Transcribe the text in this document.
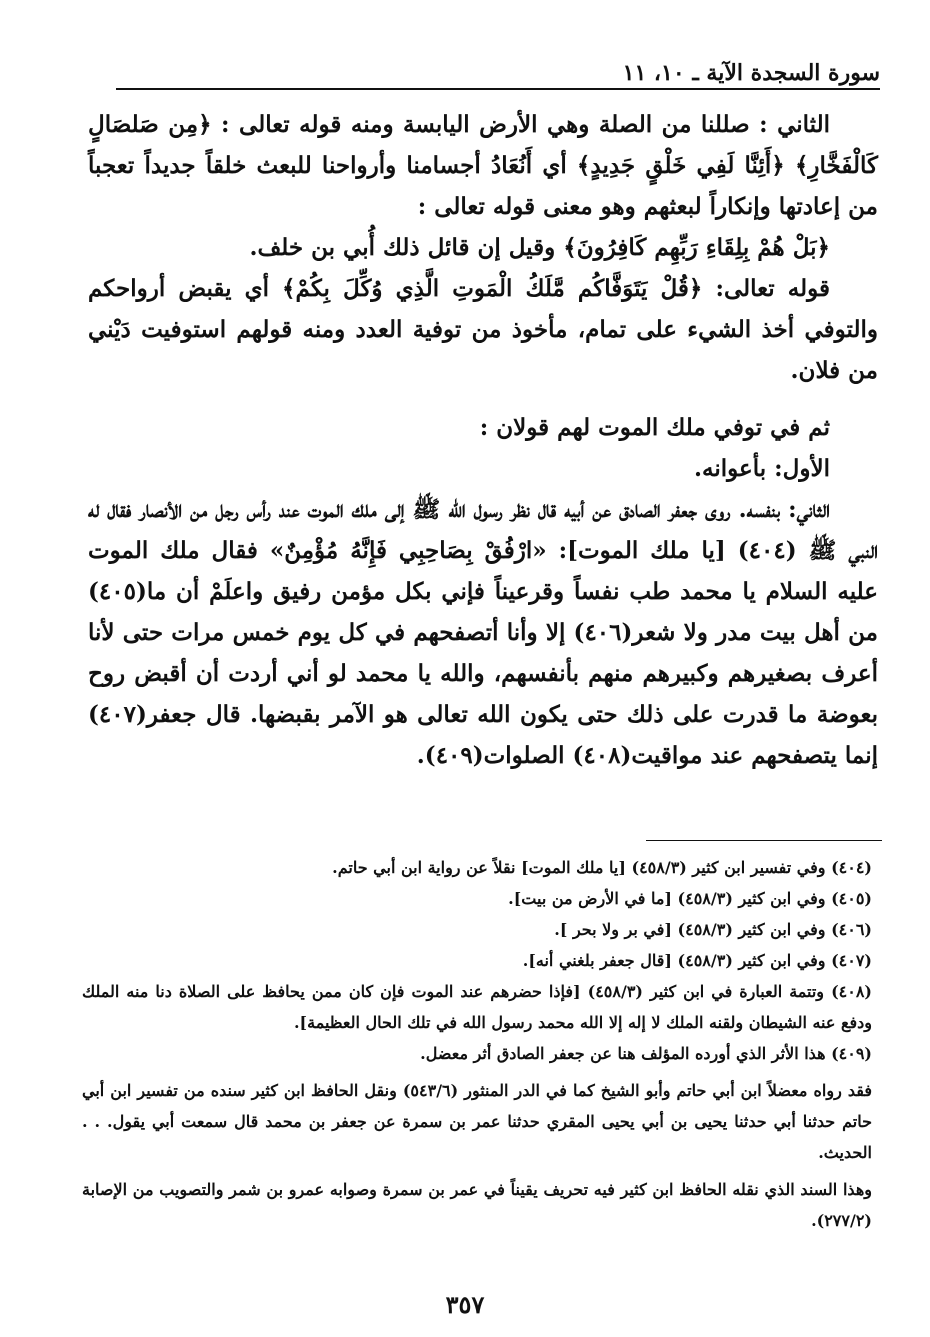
سورة السجدة الآية ـ ١٠، ١١

الثاني : صللنا من الصلة وهي الأرض اليابسة ومنه قوله تعالى : ﴿مِن صَلصَالٍ كَالْفَخَّارِ﴾ ﴿أَئِنَّا لَفِي خَلْقٍ جَدِيدٍ﴾ أي أَنُعَادُ أجسامنا وأرواحنا للبعث خلقاً جديداً تعجباً من إعادتها وإنكاراً لبعثهم وهو معنى قوله تعالى :

﴿بَلْ هُمْ بِلِقَاءِ رَبِّهِم كَافِرُونَ﴾ وقيل إن قائل ذلك أُبي بن خلف.

قوله تعالى: ﴿قُلْ يَتَوَفَّاكُم مَّلَكُ الْمَوتِ الَّذِي وُكِّلَ بِكُمْ﴾ أي يقبض أرواحكم والتوفي أخذ الشيء على تمام، مأخوذ من توفية العدد ومنه قولهم استوفيت دَيْني من فلان.

ثم في توفي ملك الموت لهم قولان :

الأول: بأعوانه.

الثاني: بنفسه. روى جعفر الصادق عن أبيه قال نظر رسول الله ﷺ إلى ملك الموت عند رأس رجل من الأنصار فقال له النبي ﷺ (٤٠٤) [يا ملك الموت]: «ارْفُقْ بِصَاحِبِي فَإِنَّهُ مُؤْمِنٌ» فقال ملك الموت عليه السلام يا محمد طب نفساً وقرعيناً فإني بكل مؤمن رفيق واعلَمْ أن ما(٤٠٥) من أهل بيت مدر ولا شعر(٤٠٦) إلا وأنا أتصفحهم في كل يوم خمس مرات حتى لأنا أعرف بصغيرهم وكبيرهم منهم بأنفسهم، والله يا محمد لو أني أردت أن أقبض روح بعوضة ما قدرت على ذلك حتى يكون الله تعالى هو الآمر بقبضها. قال جعفر(٤٠٧) إنما يتصفحهم عند مواقيت(٤٠٨) الصلوات(٤٠٩).

(٤٠٤) وفي تفسير ابن كثير (٤٥٨/٣) [يا ملك الموت] نقلاً عن رواية ابن أبي حاتم.

(٤٠٥) وفي ابن كثير (٤٥٨/٣) [ما في الأرض من بيت].

(٤٠٦) وفي ابن كثير (٤٥٨/٣) [في بر ولا بحر ].

(٤٠٧) وفي ابن كثير (٤٥٨/٣) [قال جعفر بلغني أنه].

(٤٠٨) وتتمة العبارة في ابن كثير (٤٥٨/٣) [فإذا حضرهم عند الموت فإن كان ممن يحافظ على الصلاة دنا منه الملك ودفع عنه الشيطان ولقنه الملك لا إله إلا الله محمد رسول الله في تلك الحال العظيمة].

(٤٠٩) هذا الأثر الذي أورده المؤلف هنا عن جعفر الصادق أثر معضل.

فقد رواه معضلاً ابن أبي حاتم وأبو الشيخ كما في الدر المنثور (٥٤٣/٦) ونقل الحافظ ابن كثير سنده من تفسير ابن أبي حاتم حدثنا أبي حدثنا يحيى بن أبي يحيى المقري حدثنا عمر بن سمرة عن جعفر بن محمد قال سمعت أبي يقول. . . الحديث.

وهذا السند الذي نقله الحافظ ابن كثير فيه تحريف يقيناً في عمر بن سمرة وصوابه عمرو بن شمر والتصويب من الإصابة (٢٧٧/٢).

٣٥٧
